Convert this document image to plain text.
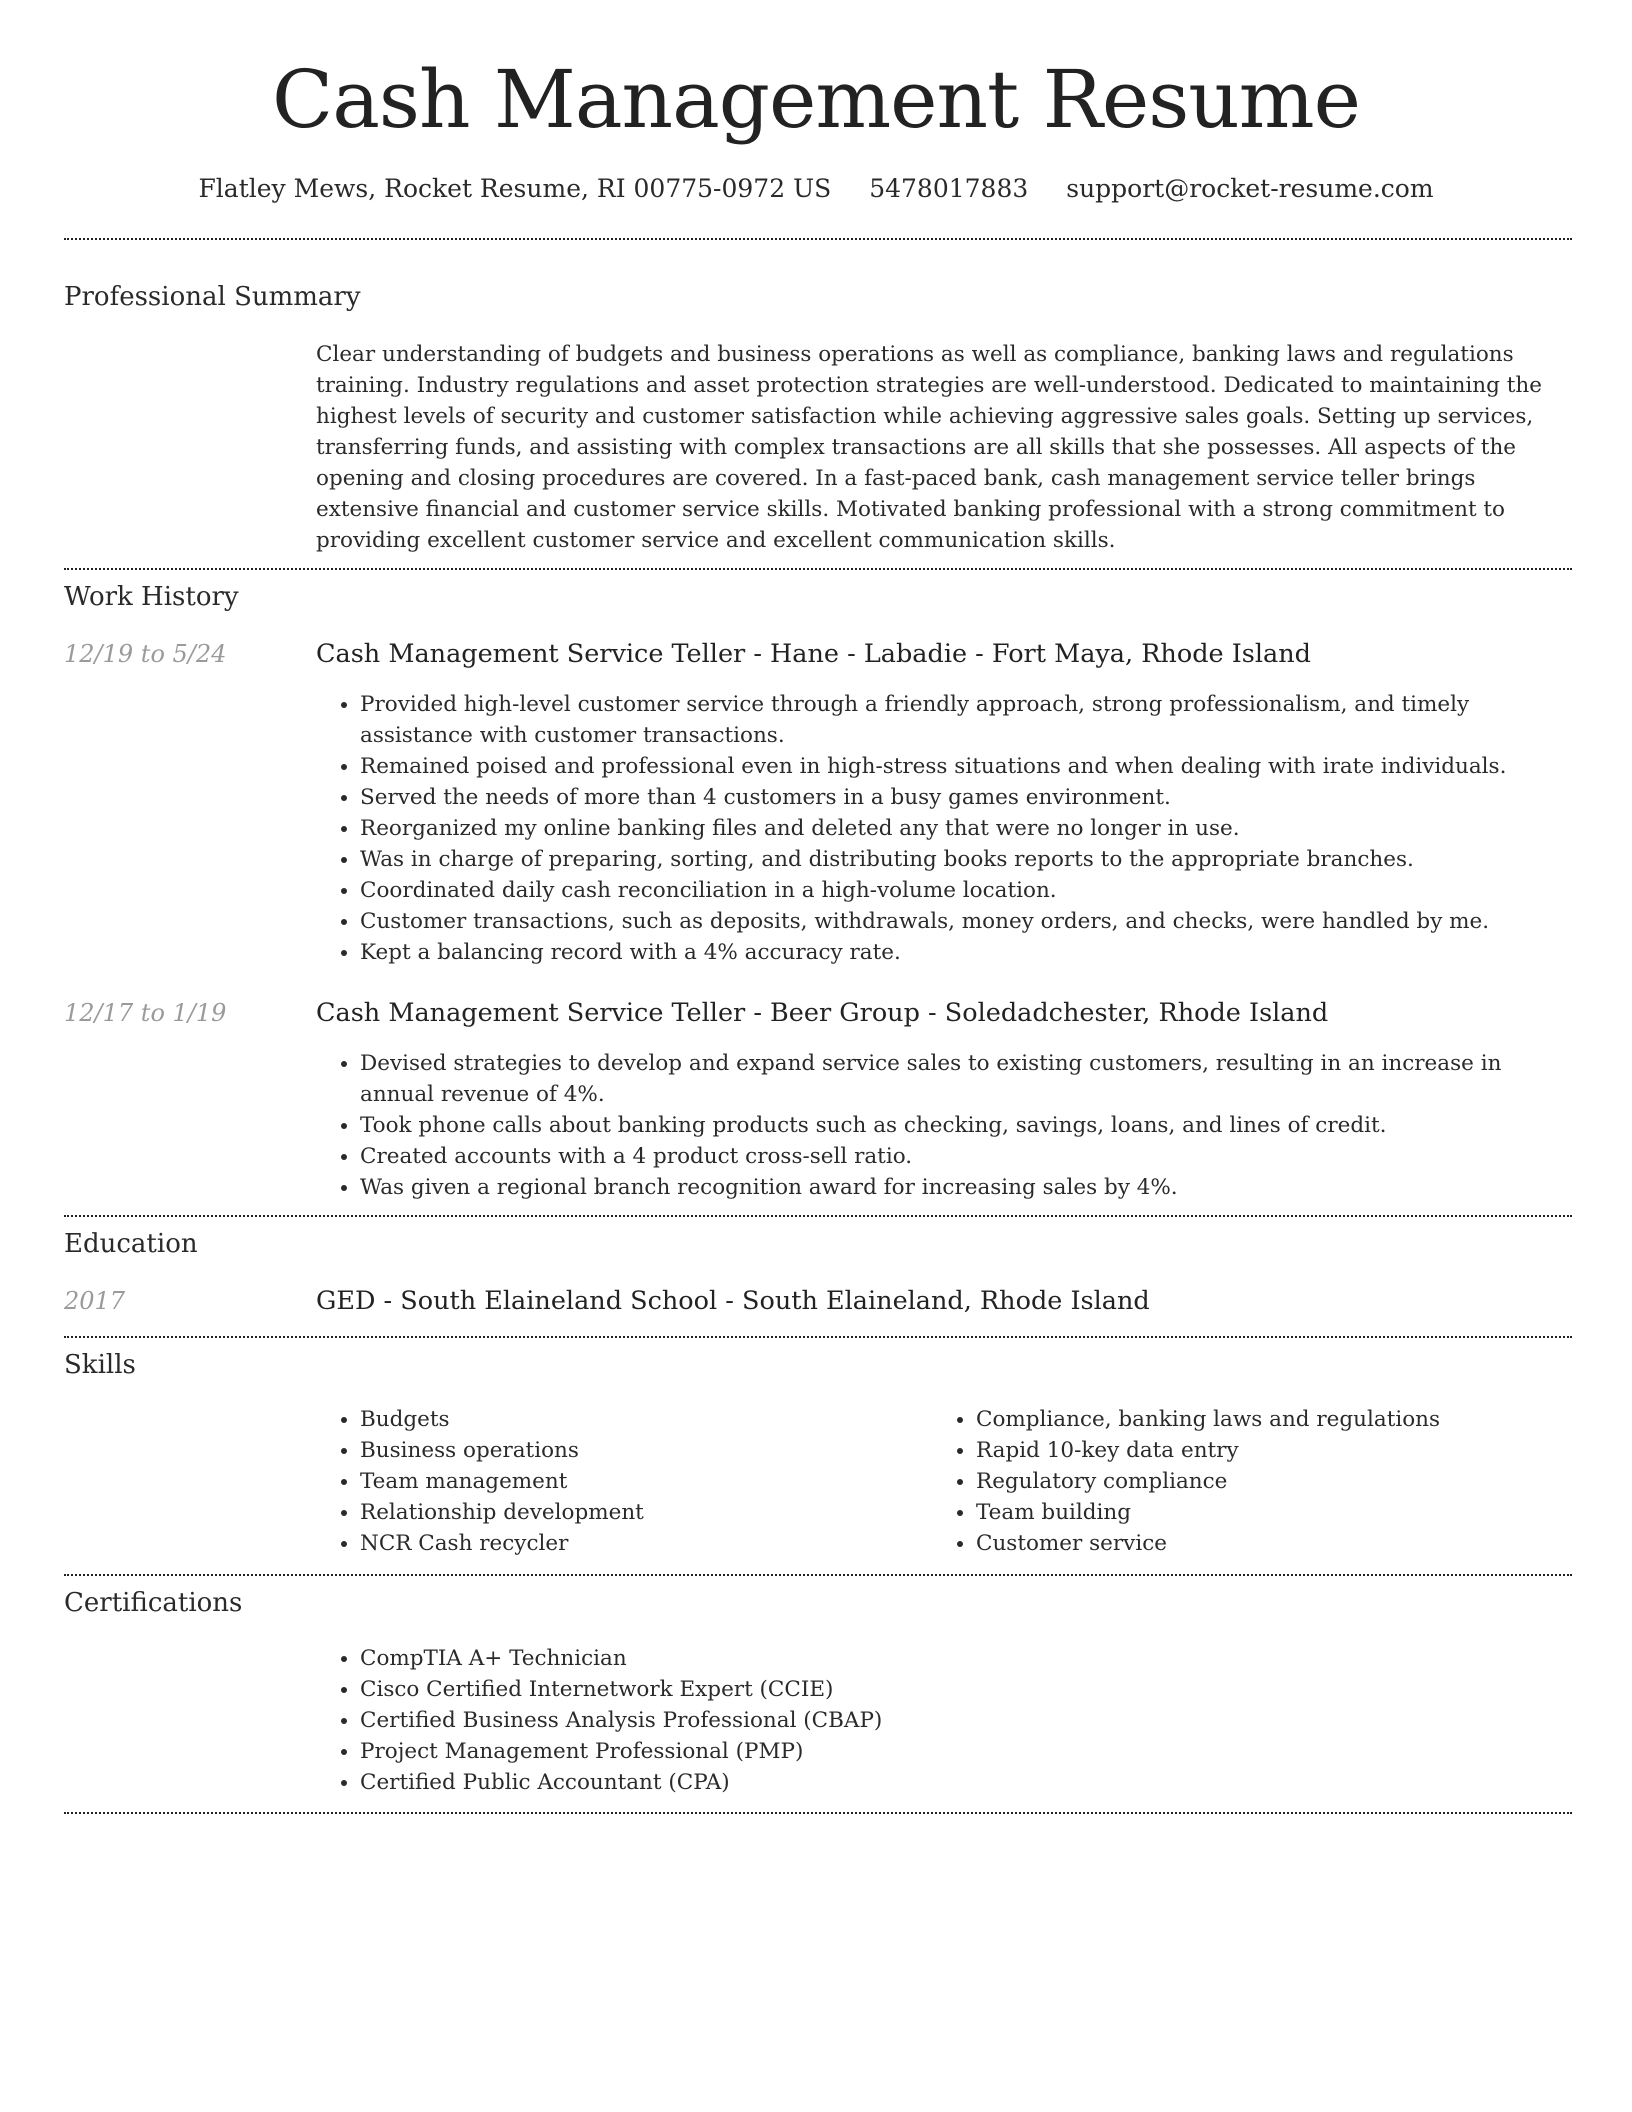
Cash Management Resume
Flatley Mews, Rocket Resume, RI 00775-0972 US 5478017883 support@rocket-resume.com
Professional Summary
Clear understanding of budgets and business operations as well as compliance, banking laws and regulations training. Industry regulations and asset protection strategies are well-understood. Dedicated to maintaining the highest levels of security and customer satisfaction while achieving aggressive sales goals. Setting up services, transferring funds, and assisting with complex transactions are all skills that she possesses. All aspects of the opening and closing procedures are covered. In a fast-paced bank, cash management service teller brings extensive financial and customer service skills. Motivated banking professional with a strong commitment to providing excellent customer service and excellent communication skills.
Work History
12/19 to 5/24	Cash Management Service Teller - Hane - Labadie - Fort Maya, Rhode Island
• Provided high-level customer service through a friendly approach, strong professionalism, and timely assistance with customer transactions.
• Remained poised and professional even in high-stress situations and when dealing with irate individuals.
• Served the needs of more than 4 customers in a busy games environment.
• Reorganized my online banking files and deleted any that were no longer in use.
• Was in charge of preparing, sorting, and distributing books reports to the appropriate branches.
• Coordinated daily cash reconciliation in a high-volume location.
• Customer transactions, such as deposits, withdrawals, money orders, and checks, were handled by me.
• Kept a balancing record with a 4% accuracy rate.
12/17 to 1/19	Cash Management Service Teller - Beer Group - Soledadchester, Rhode Island
• Devised strategies to develop and expand service sales to existing customers, resulting in an increase in annual revenue of 4%.
• Took phone calls about banking products such as checking, savings, loans, and lines of credit.
• Created accounts with a 4 product cross-sell ratio.
• Was given a regional branch recognition award for increasing sales by 4%.
Education
2017	GED - South Elaineland School - South Elaineland, Rhode Island
Skills
• Budgets
• Business operations
• Team management
• Relationship development
• NCR Cash recycler
• Compliance, banking laws and regulations
• Rapid 10-key data entry
• Regulatory compliance
• Team building
• Customer service
Certifications
• CompTIA A+ Technician
• Cisco Certified Internetwork Expert (CCIE)
• Certified Business Analysis Professional (CBAP)
• Project Management Professional (PMP)
• Certified Public Accountant (CPA)
